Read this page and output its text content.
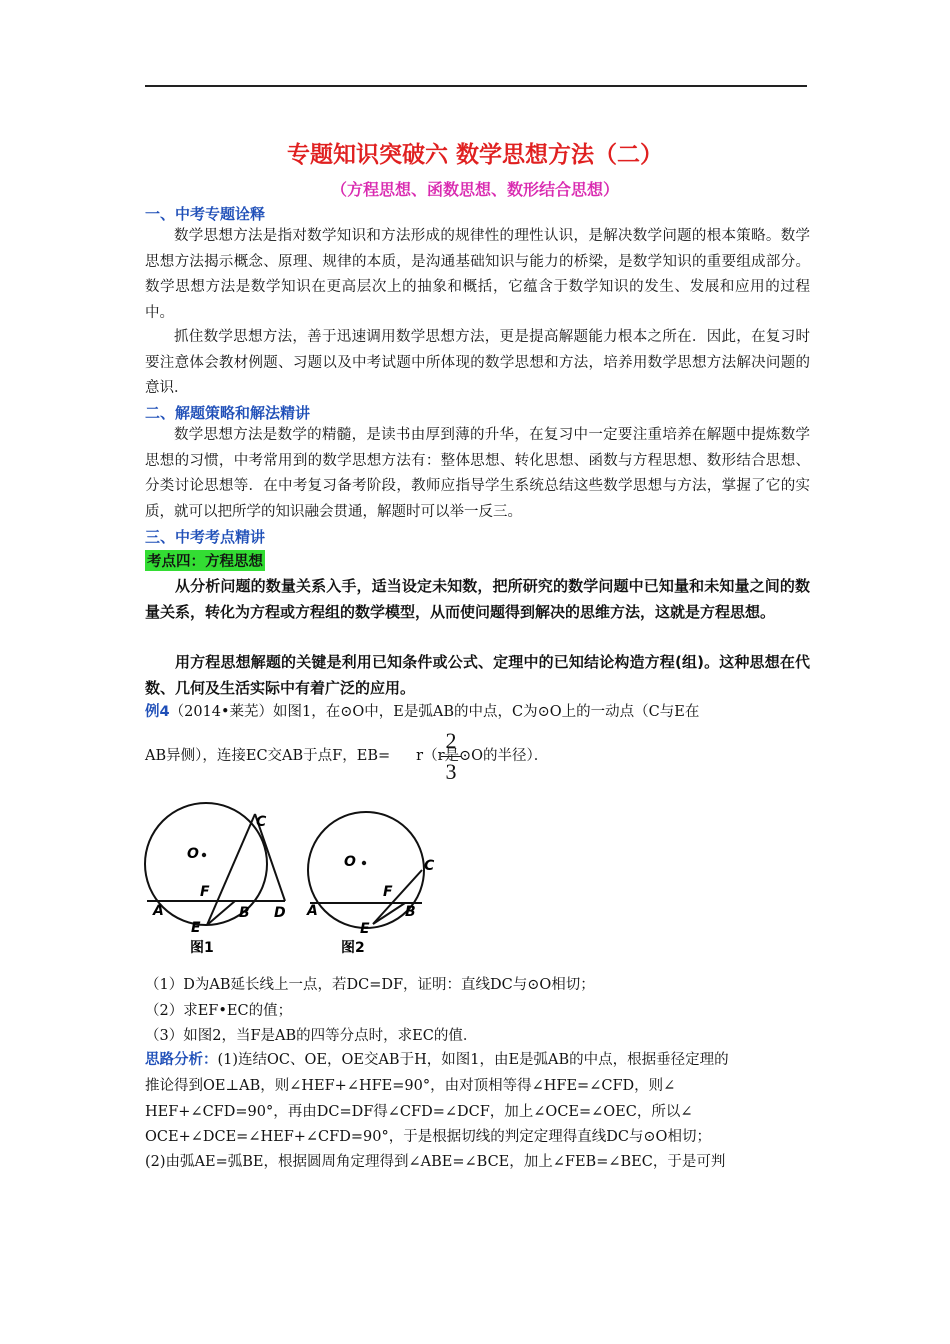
专题知识突破六 数学思想方法（二）
（方程思想、函数思想、数形结合思想）
一、中考专题诠释
数学思想方法是指对数学知识和方法形成的规律性的理性认识，是解决数学问题的根本策略。数学思想方法揭示概念、原理、规律的本质，是沟通基础知识与能力的桥梁，是数学知识的重要组成部分。数学思想方法是数学知识在更高层次上的抽象和概括，它蕴含于数学知识的发生、发展和应用的过程中。
抓住数学思想方法，善于迅速调用数学思想方法，更是提高解题能力根本之所在．因此，在复习时要注意体会教材例题、习题以及中考试题中所体现的数学思想和方法，培养用数学思想方法解决问题的意识．
二、解题策略和解法精讲
数学思想方法是数学的精髓，是读书由厚到薄的升华，在复习中一定要注重培养在解题中提炼数学思想的习惯，中考常用到的数学思想方法有：整体思想、转化思想、函数与方程思想、数形结合思想、分类讨论思想等．在中考复习备考阶段，教师应指导学生系统总结这些数学思想与方法，掌握了它的实质，就可以把所学的知识融会贯通，解题时可以举一反三。
三、中考考点精讲
考点四：方程思想
从分析问题的数量关系入手，适当设定未知数，把所研究的数学问题中已知量和未知量之间的数量关系，转化为方程或方程组的数学模型，从而使问题得到解决的思维方法，这就是方程思想。
用方程思想解题的关键是利用已知条件或公式、定理中的已知结论构造方程(组)。这种思想在代数、几何及生活实际中有着广泛的应用。
例4（2014•莱芜）如图1，在⊙O中，E是弧AB的中点，C为⊙O上的一动点（C与E在
AB异侧），连接EC交AB于点F，EB= r（r是⊙O的半径）．
2
3
O
C
F
A	B D
E
图1
O	C
F
A	B
E
图2
（1）D为AB延长线上一点，若DC=DF，证明：直线DC与⊙O相切；
（2）求EF•EC的值；
（3）如图2，当F是AB的四等分点时，求EC的值．
思路分析：(1)连结OC、OE，OE交AB于H，如图1，由E是弧AB的中点，根据垂径定理的
推论得到OE⊥AB，则∠HEF+∠HFE=90°，由对顶相等得∠HFE=∠CFD，则∠
HEF+∠CFD=90°，再由DC=DF得∠CFD=∠DCF，加上∠OCE=∠OEC，所以∠
OCE+∠DCE=∠HEF+∠CFD=90°，于是根据切线的判定定理得直线DC与⊙O相切；
(2)由弧AE=弧BE，根据圆周角定理得到∠ABE=∠BCE，加上∠FEB=∠BEC，于是可判
